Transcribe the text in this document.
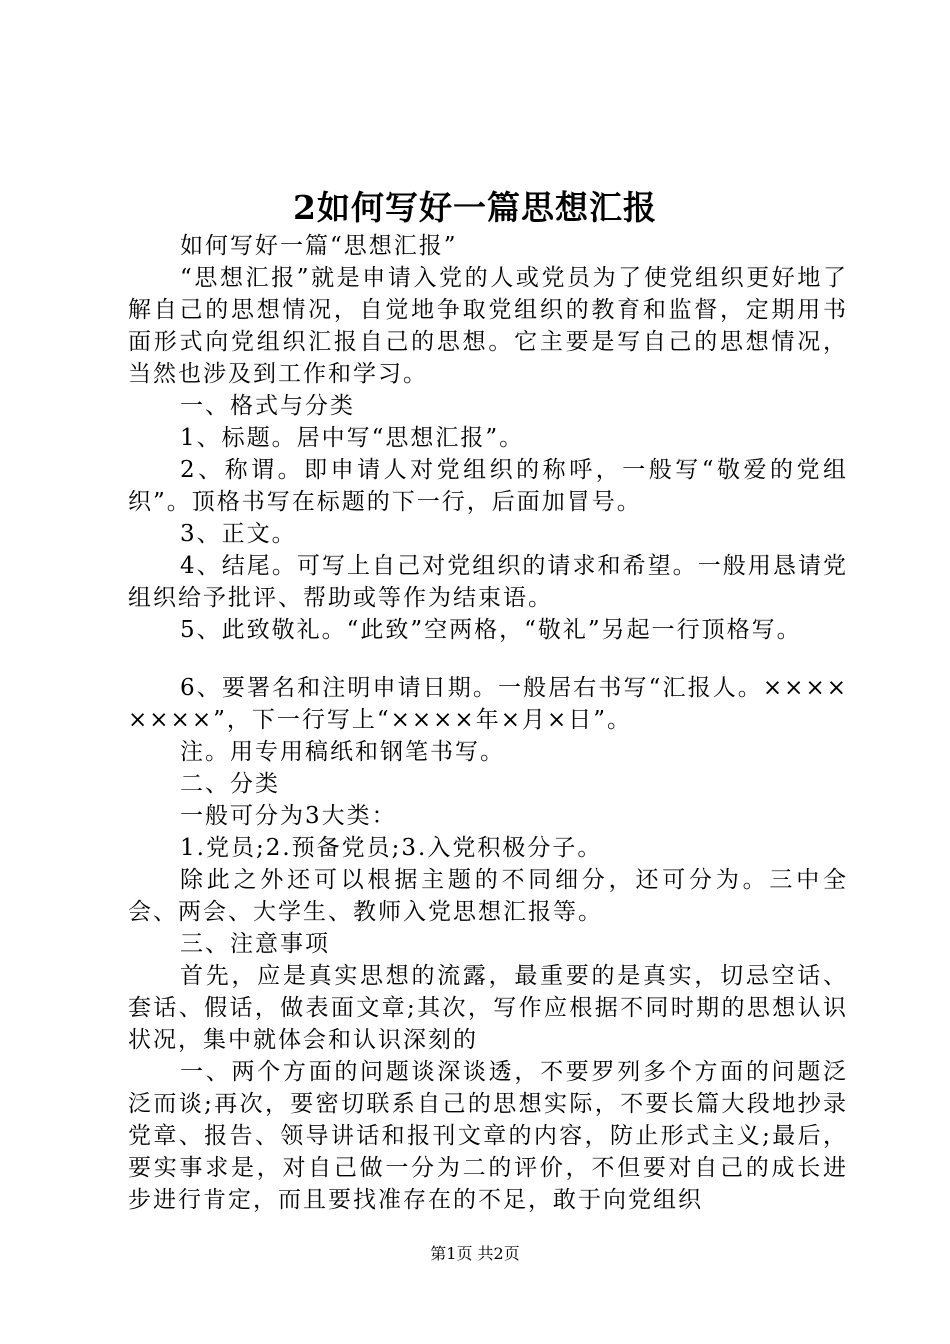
2如何写好一篇思想汇报

如何写好一篇“思想汇报”

“思想汇报”就是申请入党的人或党员为了使党组织更好地了解自己的思想情况，自觉地争取党组织的教育和监督，定期用书面形式向党组织汇报自己的思想。它主要是写自己的思想情况，当然也涉及到工作和学习。

一、格式与分类

1、标题。居中写“思想汇报”。

2、称谓。即申请人对党组织的称呼，一般写“敬爱的党组织”。顶格书写在标题的下一行，后面加冒号。

3、正文。

4、结尾。可写上自己对党组织的请求和希望。一般用恳请党组织给予批评、帮助或等作为结束语。

5、此致敬礼。“此致”空两格，“敬礼”另起一行顶格写。

6、要署名和注明申请日期。一般居右书写“汇报人。××××××××”，下一行写上“××××年×月×日”。

注。用专用稿纸和钢笔书写。

二、分类

一般可分为3大类：

1.党员;2.预备党员;3.入党积极分子。

除此之外还可以根据主题的不同细分，还可分为。三中全会、两会、大学生、教师入党思想汇报等。

三、注意事项

首先，应是真实思想的流露，最重要的是真实，切忌空话、套话、假话，做表面文章;其次，写作应根据不同时期的思想认识状况，集中就体会和认识深刻的

一、两个方面的问题谈深谈透，不要罗列多个方面的问题泛泛而谈;再次，要密切联系自己的思想实际，不要长篇大段地抄录党章、报告、领导讲话和报刊文章的内容，防止形式主义;最后，要实事求是，对自己做一分为二的评价，不但要对自己的成长进步进行肯定，而且要找准存在的不足，敢于向党组织

第1页 共2页
